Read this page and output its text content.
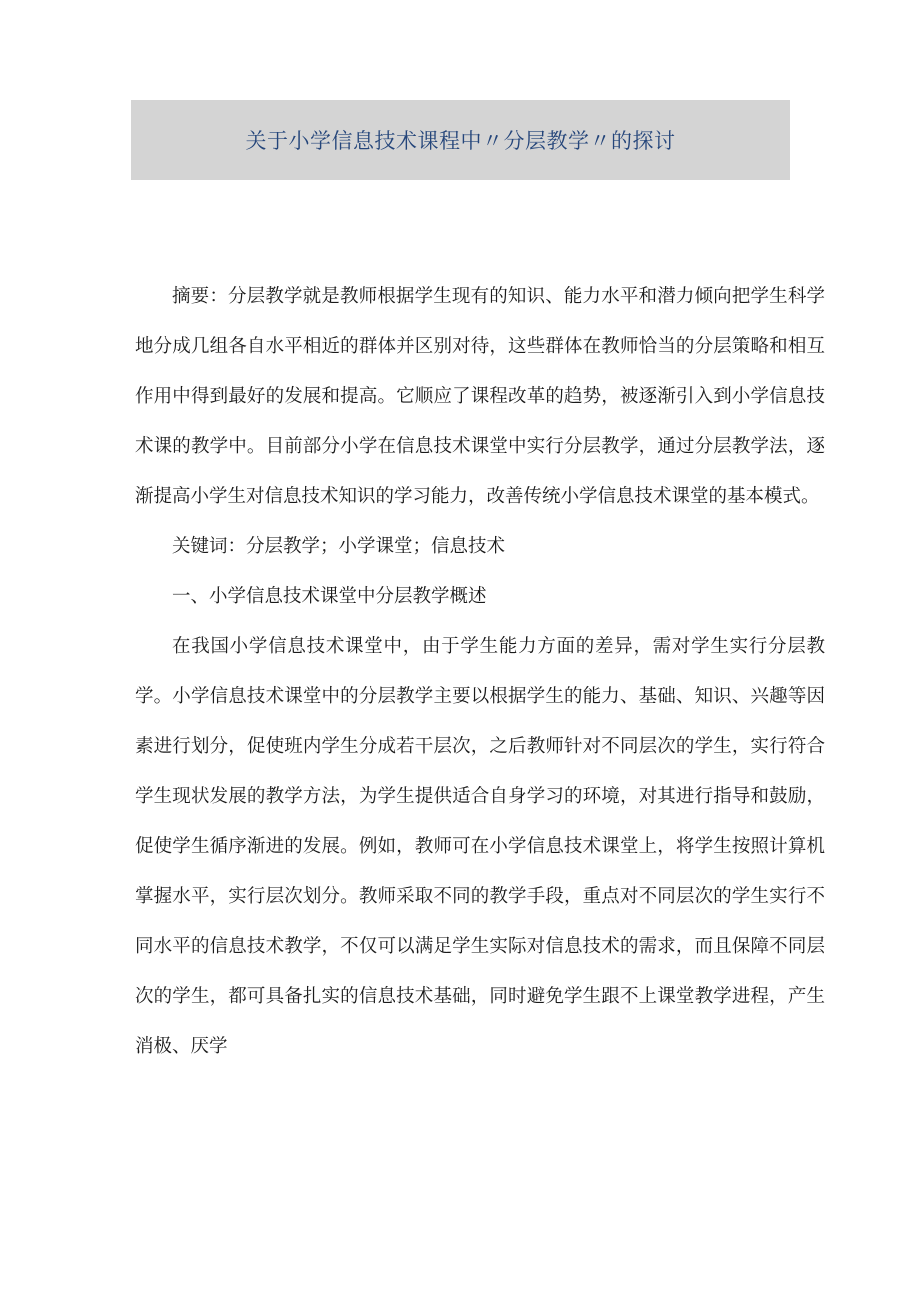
关于小学信息技术课程中〃分层教学〃的探讨

摘要：分层教学就是教师根据学生现有的知识、能力水平和潜力倾向把学生科学地分成几组各自水平相近的群体并区别对待，这些群体在教师恰当的分层策略和相互作用中得到最好的发展和提高。它顺应了课程改革的趋势，被逐渐引入到小学信息技术课的教学中。目前部分小学在信息技术课堂中实行分层教学，通过分层教学法，逐渐提高小学生对信息技术知识的学习能力，改善传统小学信息技术课堂的基本模式。

关键词：分层教学；小学课堂；信息技术

一、小学信息技术课堂中分层教学概述

在我国小学信息技术课堂中，由于学生能力方面的差异，需对学生实行分层教学。小学信息技术课堂中的分层教学主要以根据学生的能力、基础、知识、兴趣等因素进行划分，促使班内学生分成若干层次，之后教师针对不同层次的学生，实行符合学生现状发展的教学方法，为学生提供适合自身学习的环境，对其进行指导和鼓励，促使学生循序渐进的发展。例如，教师可在小学信息技术课堂上，将学生按照计算机掌握水平，实行层次划分。教师采取不同的教学手段，重点对不同层次的学生实行不同水平的信息技术教学，不仅可以满足学生实际对信息技术的需求，而且保障不同层次的学生，都可具备扎实的信息技术基础，同时避免学生跟不上课堂教学进程，产生消极、厌学
